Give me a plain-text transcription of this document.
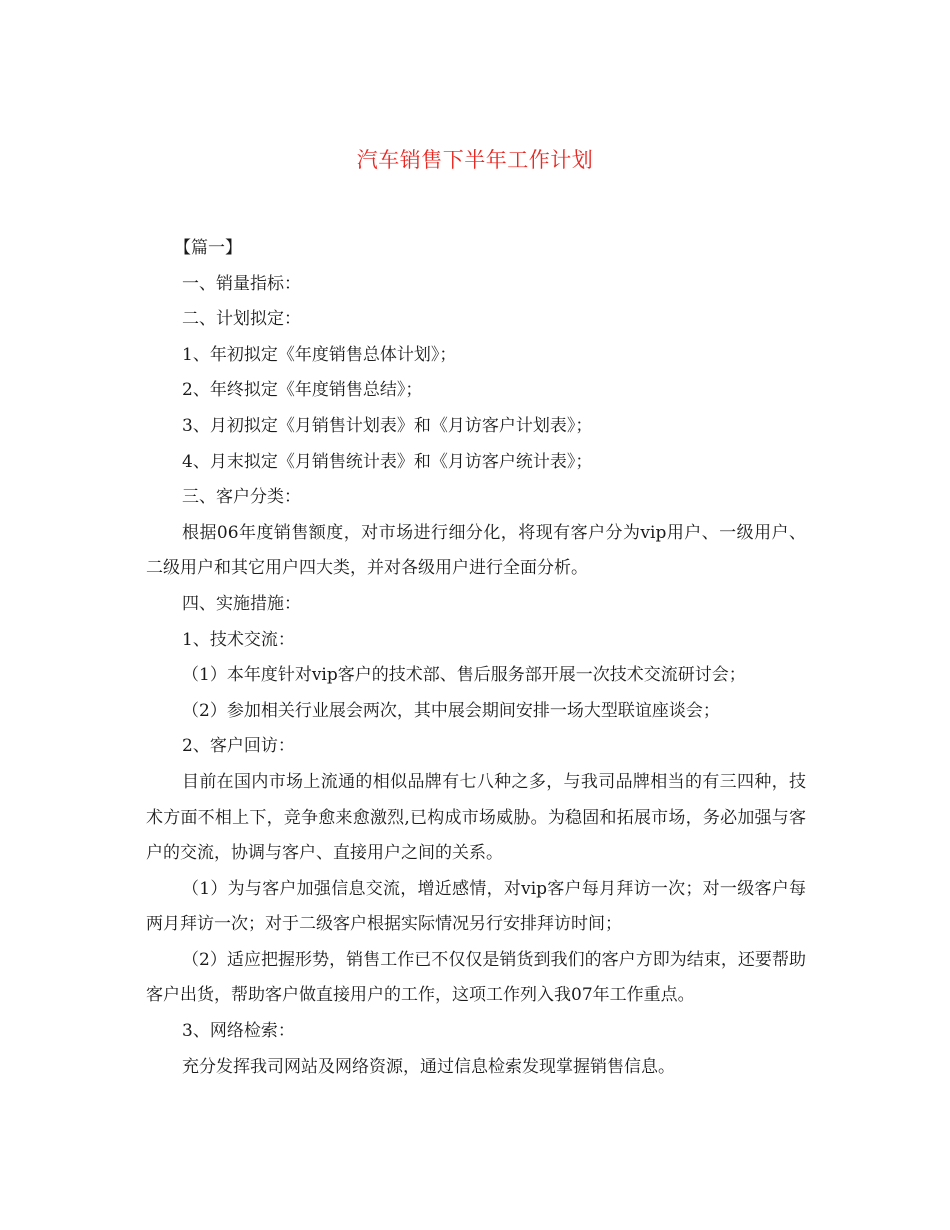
汽车销售下半年工作计划

【篇一】

一、销量指标：

二、计划拟定：

1、年初拟定《年度销售总体计划》；

2、年终拟定《年度销售总结》；

3、月初拟定《月销售计划表》和《月访客户计划表》；

4、月末拟定《月销售统计表》和《月访客户统计表》；

三、客户分类：

根据06年度销售额度，对市场进行细分化，将现有客户分为vip用户、一级用户、二级用户和其它用户四大类，并对各级用户进行全面分析。

四、实施措施：

1、技术交流：

（1）本年度针对vip客户的技术部、售后服务部开展一次技术交流研讨会；

（2）参加相关行业展会两次，其中展会期间安排一场大型联谊座谈会；

2、客户回访：

目前在国内市场上流通的相似品牌有七八种之多，与我司品牌相当的有三四种，技术方面不相上下，竞争愈来愈激烈,已构成市场威胁。为稳固和拓展市场，务必加强与客户的交流，协调与客户、直接用户之间的关系。

（1）为与客户加强信息交流，增近感情，对vip客户每月拜访一次；对一级客户每两月拜访一次；对于二级客户根据实际情况另行安排拜访时间；

（2）适应把握形势，销售工作已不仅仅是销货到我们的客户方即为结束，还要帮助客户出货，帮助客户做直接用户的工作，这项工作列入我07年工作重点。

3、网络检索：

充分发挥我司网站及网络资源，通过信息检索发现掌握销售信息。
